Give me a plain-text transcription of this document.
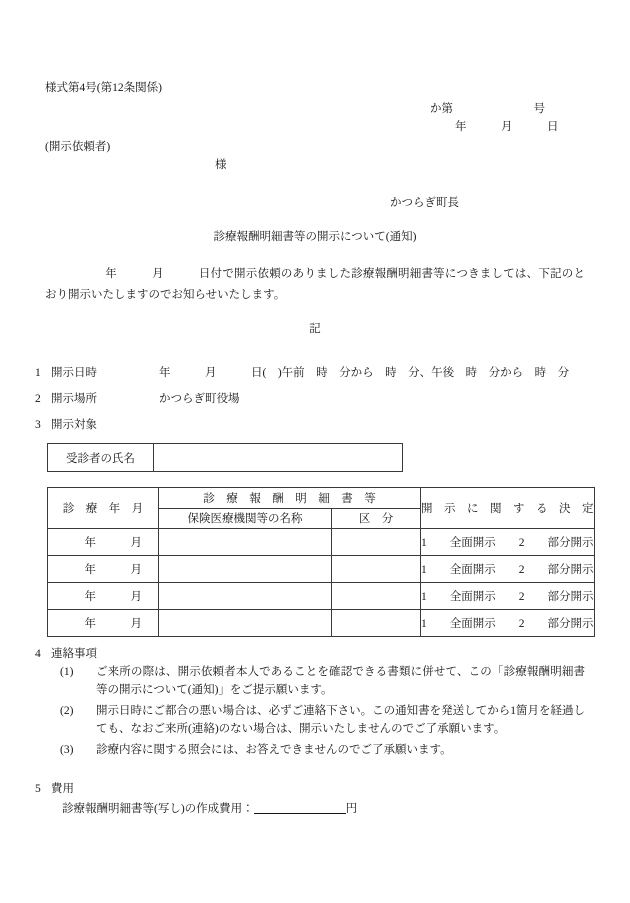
様式第4号(第12条関係)
か第　　　　　　　号
年　　　月　　　日
(開示依頼者)
様
かつらぎ町長
診療報酬明細書等の開示について(通知)
年　　　月　　　日付で開示依頼のありました診療報酬明細書等につきましては、下記のとおり開示いたしますのでお知らせいたします。
記
1 開示日時	年　　　月　　　日(　)午前　時　分から　時　分、午後　時　分から　時　分
2 開示場所	かつらぎ町役場
3 開示対象
受診者の氏名	
診　療　年　月	診　療　報　酬　明　細　書　等		開　示　に　関　す　る　決　定
	保険医療機関等の名称	区　分	
年　　　月			1　　全面開示　　2　　部分開示
年　　　月			1　　全面開示　　2　　部分開示
年　　　月			1　　全面開示　　2　　部分開示
年　　　月			1　　全面開示　　2　　部分開示
4 連絡事項
(1)	ご来所の際は、開示依頼者本人であることを確認できる書類に併せて、この「診療報酬明細書等の開示について(通知)」をご提示願います。
(2)	開示日時にご都合の悪い場合は、必ずご連絡下さい。この通知書を発送してから1箇月を経過しても、なおご来所(連絡)のない場合は、開示いたしませんのでご了承願います。
(3)	診療内容に関する照会には、お答えできませんのでご了承願います。
5 費用
診療報酬明細書等(写し)の作成費用：	円
